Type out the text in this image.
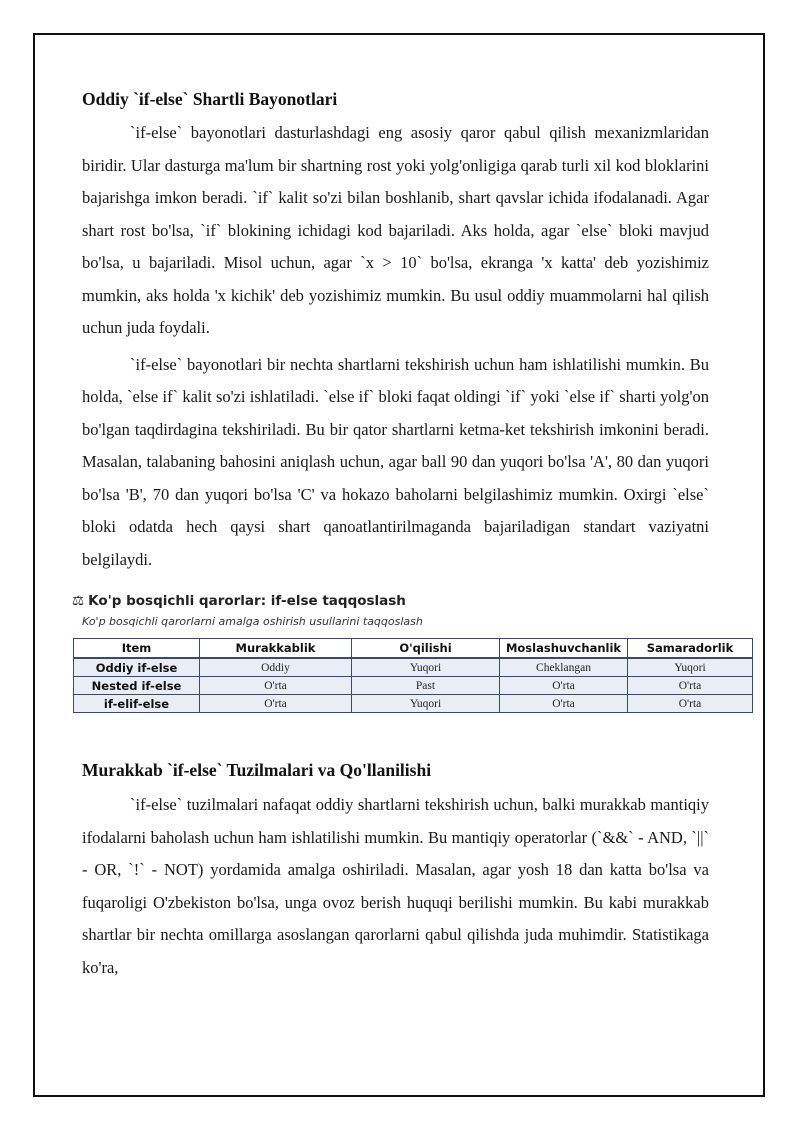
Oddiy `if-else` Shartli Bayonotlari

`if-else` bayonotlari dasturlashdagi eng asosiy qaror qabul qilish mexanizmlaridan biridir. Ular dasturga ma'lum bir shartning rost yoki yolg'onligiga qarab turli xil kod bloklarini bajarishga imkon beradi. `if` kalit so'zi bilan boshlanib, shart qavslar ichida ifodalanadi. Agar shart rost bo'lsa, `if` blokining ichidagi kod bajariladi. Aks holda, agar `else` bloki mavjud bo'lsa, u bajariladi. Misol uchun, agar `x > 10` bo'lsa, ekranga 'x katta' deb yozishimiz mumkin, aks holda 'x kichik' deb yozishimiz mumkin. Bu usul oddiy muammolarni hal qilish uchun juda foydali.

`if-else` bayonotlari bir nechta shartlarni tekshirish uchun ham ishlatilishi mumkin. Bu holda, `else if` kalit so'zi ishlatiladi. `else if` bloki faqat oldingi `if` yoki `else if` sharti yolg'on bo'lgan taqdirdagina tekshiriladi. Bu bir qator shartlarni ketma-ket tekshirish imkonini beradi. Masalan, talabaning bahosini aniqlash uchun, agar ball 90 dan yuqori bo'lsa 'A', 80 dan yuqori bo'lsa 'B', 70 dan yuqori bo'lsa 'C' va hokazo baholarni belgilashimiz mumkin. Oxirgi `else` bloki odatda hech qaysi shart qanoatlantirilmaganda bajariladigan standart vaziyatni belgilaydi.

⚖ Ko'p bosqichli qarorlar: if-else taqqoslash
Ko'p bosqichli qarorlarni amalga oshirish usullarini taqqoslash
Item	Murakkablik	O'qilishi	Moslashuvchanlik	Samaradorlik
Oddiy if-else	Oddiy	Yuqori	Cheklangan	Yuqori
Nested if-else	O'rta	Past	O'rta	O'rta
if-elif-else	O'rta	Yuqori	O'rta	O'rta
Murakkab `if-else` Tuzilmalari va Qo'llanilishi

`if-else` tuzilmalari nafaqat oddiy shartlarni tekshirish uchun, balki murakkab mantiqiy ifodalarni baholash uchun ham ishlatilishi mumkin. Bu mantiqiy operatorlar (`&&` - AND, `||` - OR, `!` - NOT) yordamida amalga oshiriladi. Masalan, agar yosh 18 dan katta bo'lsa va fuqaroligi O'zbekiston bo'lsa, unga ovoz berish huquqi berilishi mumkin. Bu kabi murakkab shartlar bir nechta omillarga asoslangan qarorlarni qabul qilishda juda muhimdir. Statistikaga ko'ra,
